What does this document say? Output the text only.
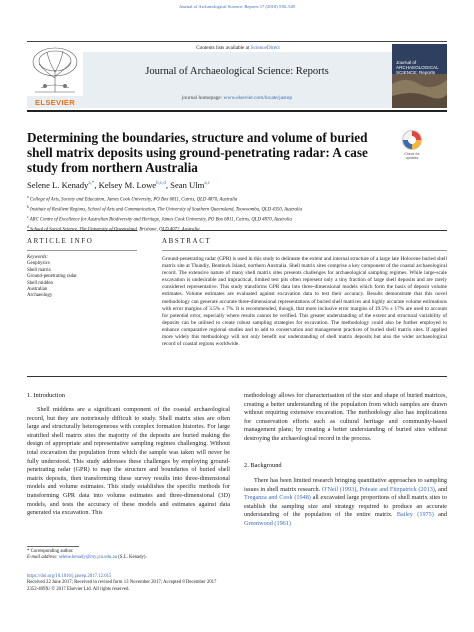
Journal of Archaeological Science: Reports 17 (2018) 538–549
ELSEVIER
Contents lists available at ScienceDirect
Journal of Archaeological Science: Reports
journal homepage: www.elsevier.com/locate/jasrep
Journal of ARCHAEOLOGICAL SCIENCE: Reports
Determining the boundaries, structure and volume of buried shell matrix deposits using ground-penetrating radar: A case study from northern Australia
Check for updates
Selene L. Kenady$^{a,*}$, Kelsey M. Lowe$^{b,c,d}$, Sean Ulm$^{a,c}$
$^a$ College of Arts, Society and Education, James Cook University, PO Box 6811, Cairns, QLD 4870, Australia
$^b$ Institute of Resilient Regions, School of Arts and Communication, The University of Southern Queensland, Toowoomba, QLD 4350, Australia
$^c$ ARC Centre of Excellence for Australian Biodiversity and Heritage, James Cook University, PO Box 6811, Cairns, QLD 4870, Australia
$^d$ Brisbane,
ARTICLE INFO	ABSTRACT
Keywords:
Geophysics
Shell matrix
Ground-penetrating radar
Shell midden
Australian
Archaeology
Ground-penetrating radar (GPR) is used in this study to delineate the extent and internal structure of a large late Holocene buried shell matrix site at Thundiy, Bentinck Island, northern Australia. Shell matrix sites comprise a key component of the coastal archaeological record. The extensive nature of many shell matrix sites presents challenges for archaeological sampling regimes. While large-scale excavation is undesirable and impractical, limited test pits often represent only a tiny fraction of large shell deposits and are rarely considered representative. This study transforms GPR data into three-dimensional models which form the basis of deposit volume estimates. Volume estimates are evaluated against excavation data to test their accuracy. Results demonstrate that this novel methodology can generate accurate three-dimensional representations of buried shell matrices and highly accurate volume estimations with error margins of 3.5% ± 7%. It is recommended, though, that more inclusive error margins of 19.5% ± 17% are used to account for potential error, especially where results cannot be verified. This greater understanding of the extent and structural variability of deposits can be utilised to create robust sampling strategies for excavation. The methodology could also be further employed to enhance comparative regional studies and to add to conservation and management practices of buried shell matrix sites. If applied more widely this methodology will not only benefit our understanding of shell matrix deposits but also the wider archaeological record of coastal regions worldwide.
1. Introduction
Shell middens are a significant component of the coastal archaeological record, but they are notoriously difficult to study. Shell matrix sites are often large and structurally heterogeneous with complex formation histories. For large stratified shell matrix sites the majority of the deposits are buried making the design of appropriate and representative sampling regimes challenging. Without total excavation the population from which the sample was taken will never be fully understood. This study addresses these challenges by employing ground-penetrating radar (GPR) to map the structure and boundaries of buried shell matrix deposits, then transforming these survey results into three-dimensional models and volume estimates. This study establishes the specific methods for transforming GPR data into volume estimates and three-dimensional (3D) models, and tests the accuracy of these models and estimates against data generated via excavation. This
methodology allows for characterisation of the size and shape of buried matrices, creating a better understanding of the population from which samples are drawn without requiring extensive excavation. The methodology also has implications for conservation efforts such as cultural heritage and community-based management plans; by creating a better understanding of buried sites without destroying the archaeological record in the process.
2. Background
There has been limited research bringing quantitative approaches to sampling issues in shell matrix research. O'Neil (1993), Poteate and Fitzpatrick (2013), and Treganza and Cook (1948) all excavated large proportions of shell matrix sites to establish the sampling size and strategy required to produce an accurate understanding of the population of the entire matrix. Bailey (1975) and Greenwood (1961)
* Corresponding author.
E-mail address: selene.kenady@my.jcu.edu.au (S.L. Kenady).
https://doi.org/10.1016/j.jasrep.2017.12.015
Received 22 June 2017; Received in revised form 13 November 2017; Accepted 8 December 2017
2352-409X/ © 2017 Elsevier Ltd. All rights reserved.
